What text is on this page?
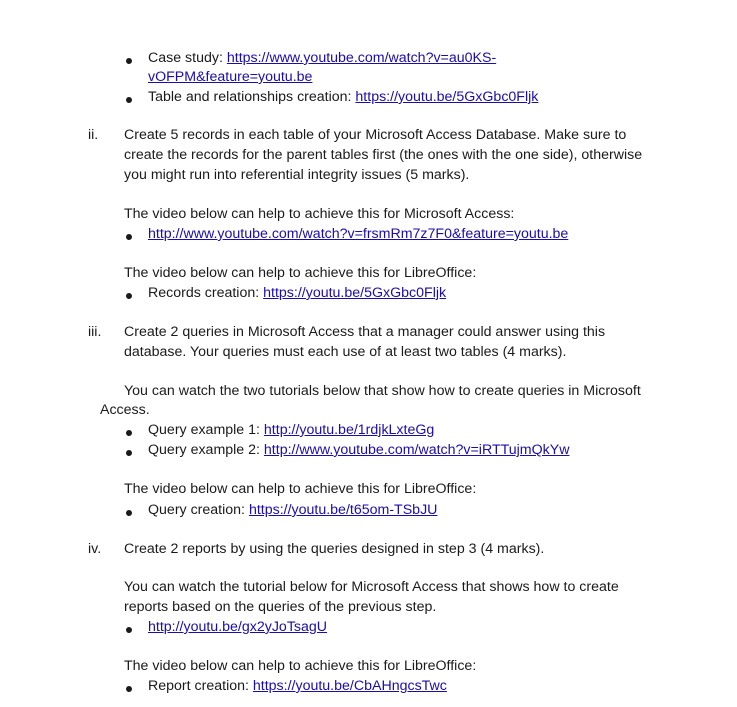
Case study: https://www.youtube.com/watch?v=au0KS-
vOFPM&feature=youtu.be
Table and relationships creation: https://youtu.be/5GxGbc0Fljk
ii. Create 5 records in each table of your Microsoft Access Database. Make sure to
create the records for the parent tables first (the ones with the one side), otherwise
you might run into referential integrity issues (5 marks).
The video below can help to achieve this for Microsoft Access:
http://www.youtube.com/watch?v=frsmRm7z7F0&feature=youtu.be
The video below can help to achieve this for LibreOffice:
Records creation: https://youtu.be/5GxGbc0Fljk
iii. Create 2 queries in Microsoft Access that a manager could answer using this
database. Your queries must each use of at least two tables (4 marks).
You can watch the two tutorials below that show how to create queries in Microsoft
Access.
Query example 1: http://youtu.be/1rdjkLxteGg
Query example 2: http://www.youtube.com/watch?v=iRTTujmQkYw
The video below can help to achieve this for LibreOffice:
Query creation: https://youtu.be/t65om-TSbJU
iv. Create 2 reports by using the queries designed in step 3 (4 marks).
You can watch the tutorial below for Microsoft Access that shows how to create
reports based on the queries of the previous step.
http://youtu.be/gx2yJoTsagU
The video below can help to achieve this for LibreOffice:
Report creation: https://youtu.be/CbAHngcsTwc
